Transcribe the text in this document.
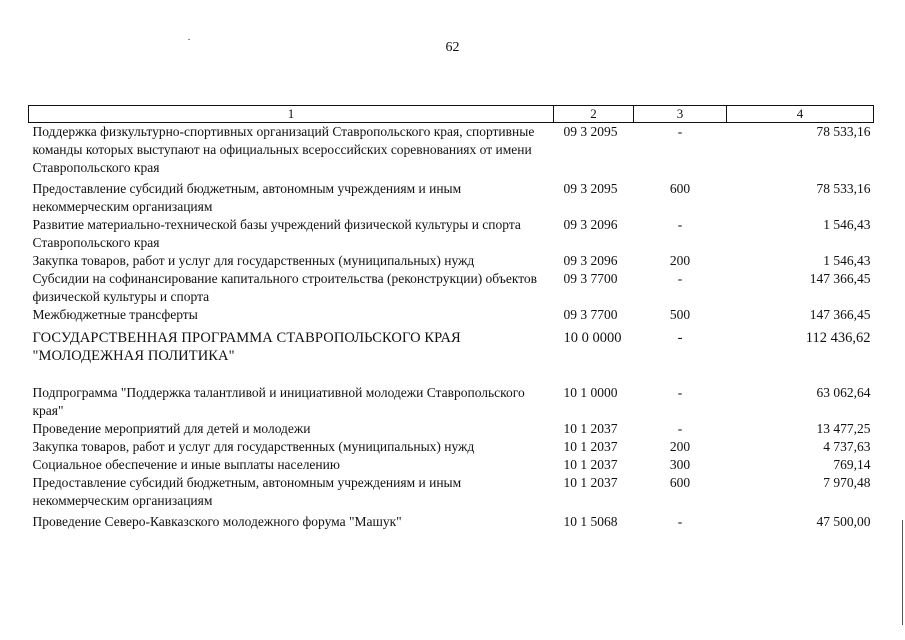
62
1	2	3	4
Поддержка физкультурно-спортивных организаций Ставропольского края, спортивные команды которых выступают на официальных всероссийских соревнованиях от имени Ставропольского края	09 3 2095	-	78 533,16
Предоставление субсидий бюджетным, автономным учреждениям и иным некоммерческим организациям	09 3 2095	600	78 533,16
Развитие материально-технической базы учреждений физической культуры и спорта Ставропольского края	09 3 2096	-	1 546,43
Закупка товаров, работ и услуг для государственных (муниципальных) нужд	09 3 2096	200	1 546,43
Субсидии на софинансирование капитального строительства (реконструкции) объектов физической культуры и спорта	09 3 7700	-	147 366,45
Межбюджетные трансферты	09 3 7700	500	147 366,45
ГОСУДАРСТВЕННАЯ ПРОГРАММА СТАВРОПОЛЬСКОГО КРАЯ "МОЛОДЕЖНАЯ ПОЛИТИКА"	10 0 0000	-	112 436,62
Подпрограмма "Поддержка талантливой и инициативной молодежи Ставропольского края"	10 1 0000	-	63 062,64
Проведение мероприятий для детей и молодежи	10 1 2037	-	13 477,25
Закупка товаров, работ и услуг для государственных (муниципальных) нужд	10 1 2037	200	4 737,63
Социальное обеспечение и иные выплаты населению	10 1 2037	300	769,14
Предоставление субсидий бюджетным, автономным учреждениям и иным некоммерческим организациям	10 1 2037	600	7 970,48
Проведение Северо-Кавказского молодежного форума "Машук"	10 1 5068	-	47 500,00
